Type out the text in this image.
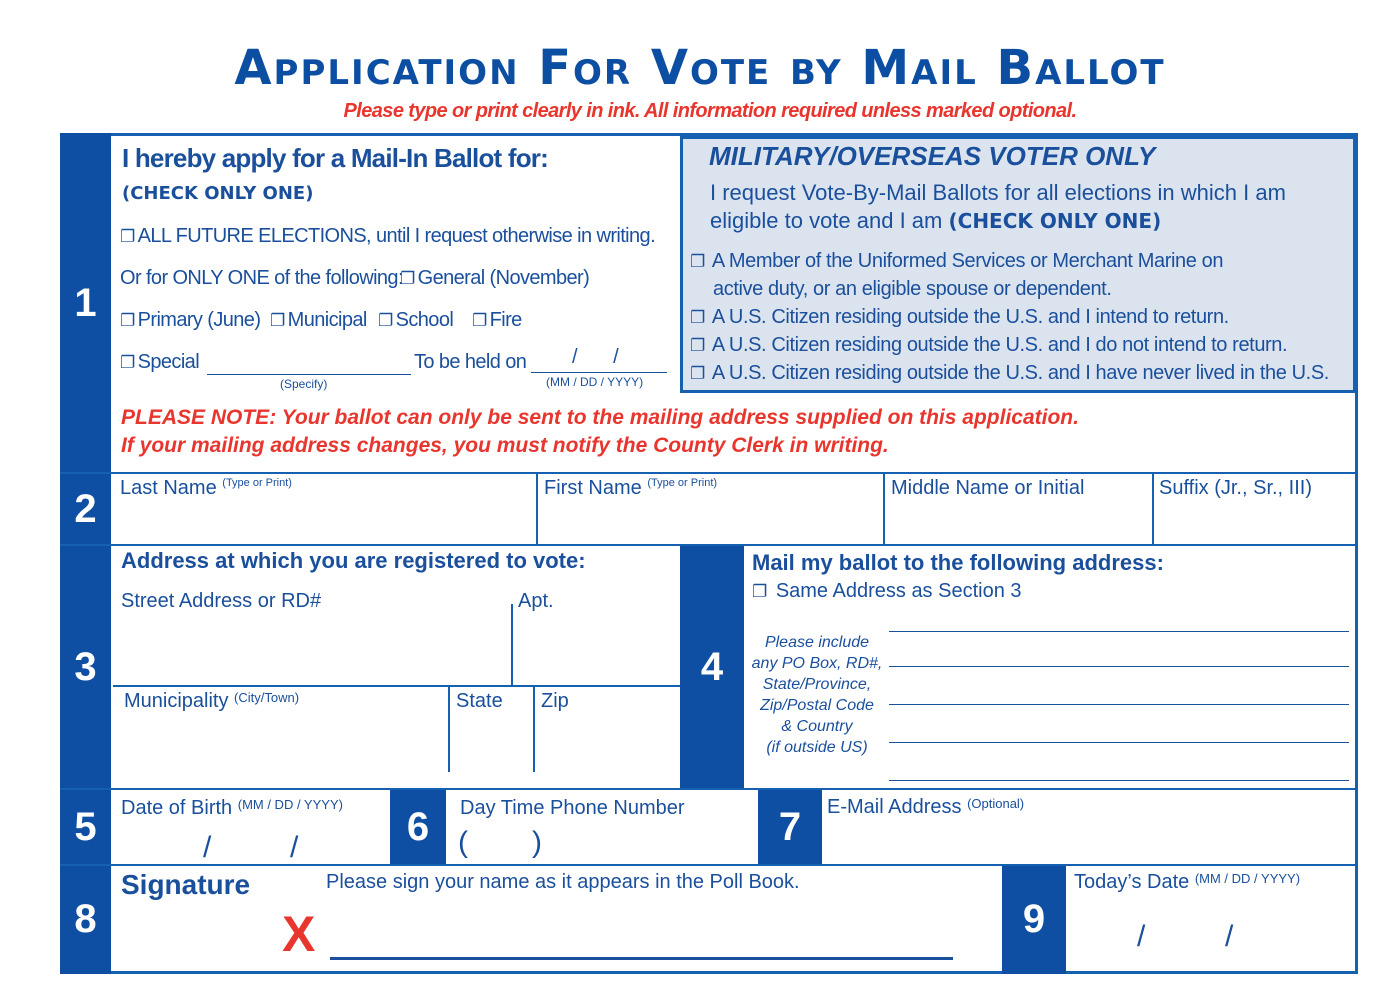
Application For Vote by Mail Ballot
Please type or print clearly in ink. All information required unless marked optional.
1
2
3	4
5	6	7
8	9
I hereby apply for a Mail-In Ballot for:
(CHECK ONLY ONE)
❐ ALL FUTURE ELECTIONS, until I request otherwise in writing.
Or for ONLY ONE of the following:
❐ General (November)
❐ Primary (June) ❐ Municipal ❐ School ❐ Fire
❐ Special
(Specify)
To be held on / /
(MM / DD / YYYY)
PLEASE NOTE: Your ballot can only be sent to the mailing address supplied on this application.
If your mailing address changes, you must notify the County Clerk in writing.
MILITARY/OVERSEAS VOTER ONLY
I request Vote-By-Mail Ballots for all elections in which I am
eligible to vote and I am (CHECK ONLY ONE)
❐ A Member of the Uniformed Services or Merchant Marine on
active duty, or an eligible spouse or dependent.
❐ A U.S. Citizen residing outside the U.S. and I intend to return.
❐ A U.S. Citizen residing outside the U.S. and I do not intend to return.
❐ A U.S. Citizen residing outside the U.S. and I have never lived in the U.S.
Last Name $^{(Type or Print)}$	First Name $^{(Type or Print)}$	Middle Name or Initial	Suffix (Jr., Sr., III)
Address at which you are registered to vote:
Street Address or RD#	Apt.
Municipality $^{(City/Town)}$	State Zip
Mail my ballot to the following address:
❐ Same Address as Section 3
Please include
any PO Box, RD#,
State/Province,
Zip/Postal Code
& Country
(if outside US)
Date of Birth $^{(MM / DD / YYYY)}$
/	/
Day Time Phone Number
( )
E-Mail Address $^{(Optional)}$
Signature	Please sign your name as it appears in the Poll Book.
X
Today’s Date $^{(MM / DD / YYYY)}$
/	/
